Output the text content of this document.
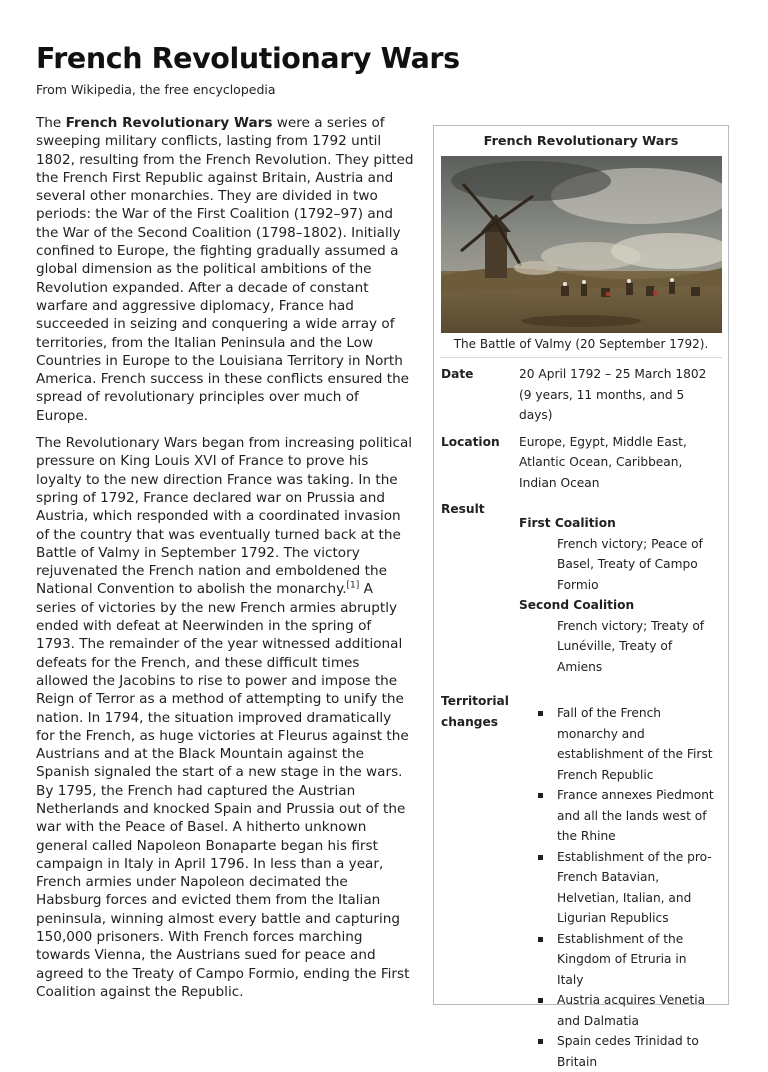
French Revolutionary Wars
From Wikipedia, the free encyclopedia

The French Revolutionary Wars were a series of sweeping military conflicts, lasting from 1792 until 1802, resulting from the French Revolution. They pitted the French First Republic against Britain, Austria and several other monarchies. They are divided in two periods: the War of the First Coalition (1792–97) and the War of the Second Coalition (1798–1802). Initially confined to Europe, the fighting gradually assumed a global dimension as the political ambitions of the Revolution expanded. After a decade of constant warfare and aggressive diplomacy, France had succeeded in seizing and conquering a wide array of territories, from the Italian Peninsula and the Low Countries in Europe to the Louisiana Territory in North America. French success in these conflicts ensured the spread of revolutionary principles over much of Europe.

The Revolutionary Wars began from increasing political pressure on King Louis XVI of France to prove his loyalty to the new direction France was taking. In the spring of 1792, France declared war on Prussia and Austria, which responded with a coordinated invasion of the country that was eventually turned back at the Battle of Valmy in September 1792. The victory rejuvenated the French nation and emboldened the National Convention to abolish the monarchy.[1] A series of victories by the new French armies abruptly ended with defeat at Neerwinden in the spring of 1793. The remainder of the year witnessed additional defeats for the French, and these difficult times allowed the Jacobins to rise to power and impose the Reign of Terror as a method of attempting to unify the nation. In 1794, the situation improved dramatically for the French, as huge victories at Fleurus against the Austrians and at the Black Mountain against the Spanish signaled the start of a new stage in the wars. By 1795, the French had captured the Austrian Netherlands and knocked Spain and Prussia out of the war with the Peace of Basel. A hitherto unknown general called Napoleon Bonaparte began his first campaign in Italy in April 1796. In less than a year, French armies under Napoleon decimated the Habsburg forces and evicted them from the Italian peninsula, winning almost every battle and capturing 150,000 prisoners. With French forces marching towards Vienna, the Austrians sued for peace and agreed to the Treaty of Campo Formio, ending the First Coalition against the Republic.

French Revolutionary Wars
The Battle of Valmy (20 September 1792).
Date	20 April 1792 – 25 March 1802
(9 years, 11 months, and 5 days)
Location	Europe, Egypt, Middle East, Atlantic Ocean, Caribbean, Indian Ocean
Result
First Coalition
French victory; Peace of Basel, Treaty of Campo Formio
Second Coalition
French victory; Treaty of Lunéville, Treaty of Amiens
Territorial changes
Fall of the French monarchy and establishment of the First French Republic
France annexes Piedmont and all the lands west of the Rhine
Establishment of the pro-French Batavian, Helvetian, Italian, and Ligurian Republics
Establishment of the Kingdom of Etruria in Italy
Austria acquires Venetia and Dalmatia
Spain cedes Trinidad to Britain
